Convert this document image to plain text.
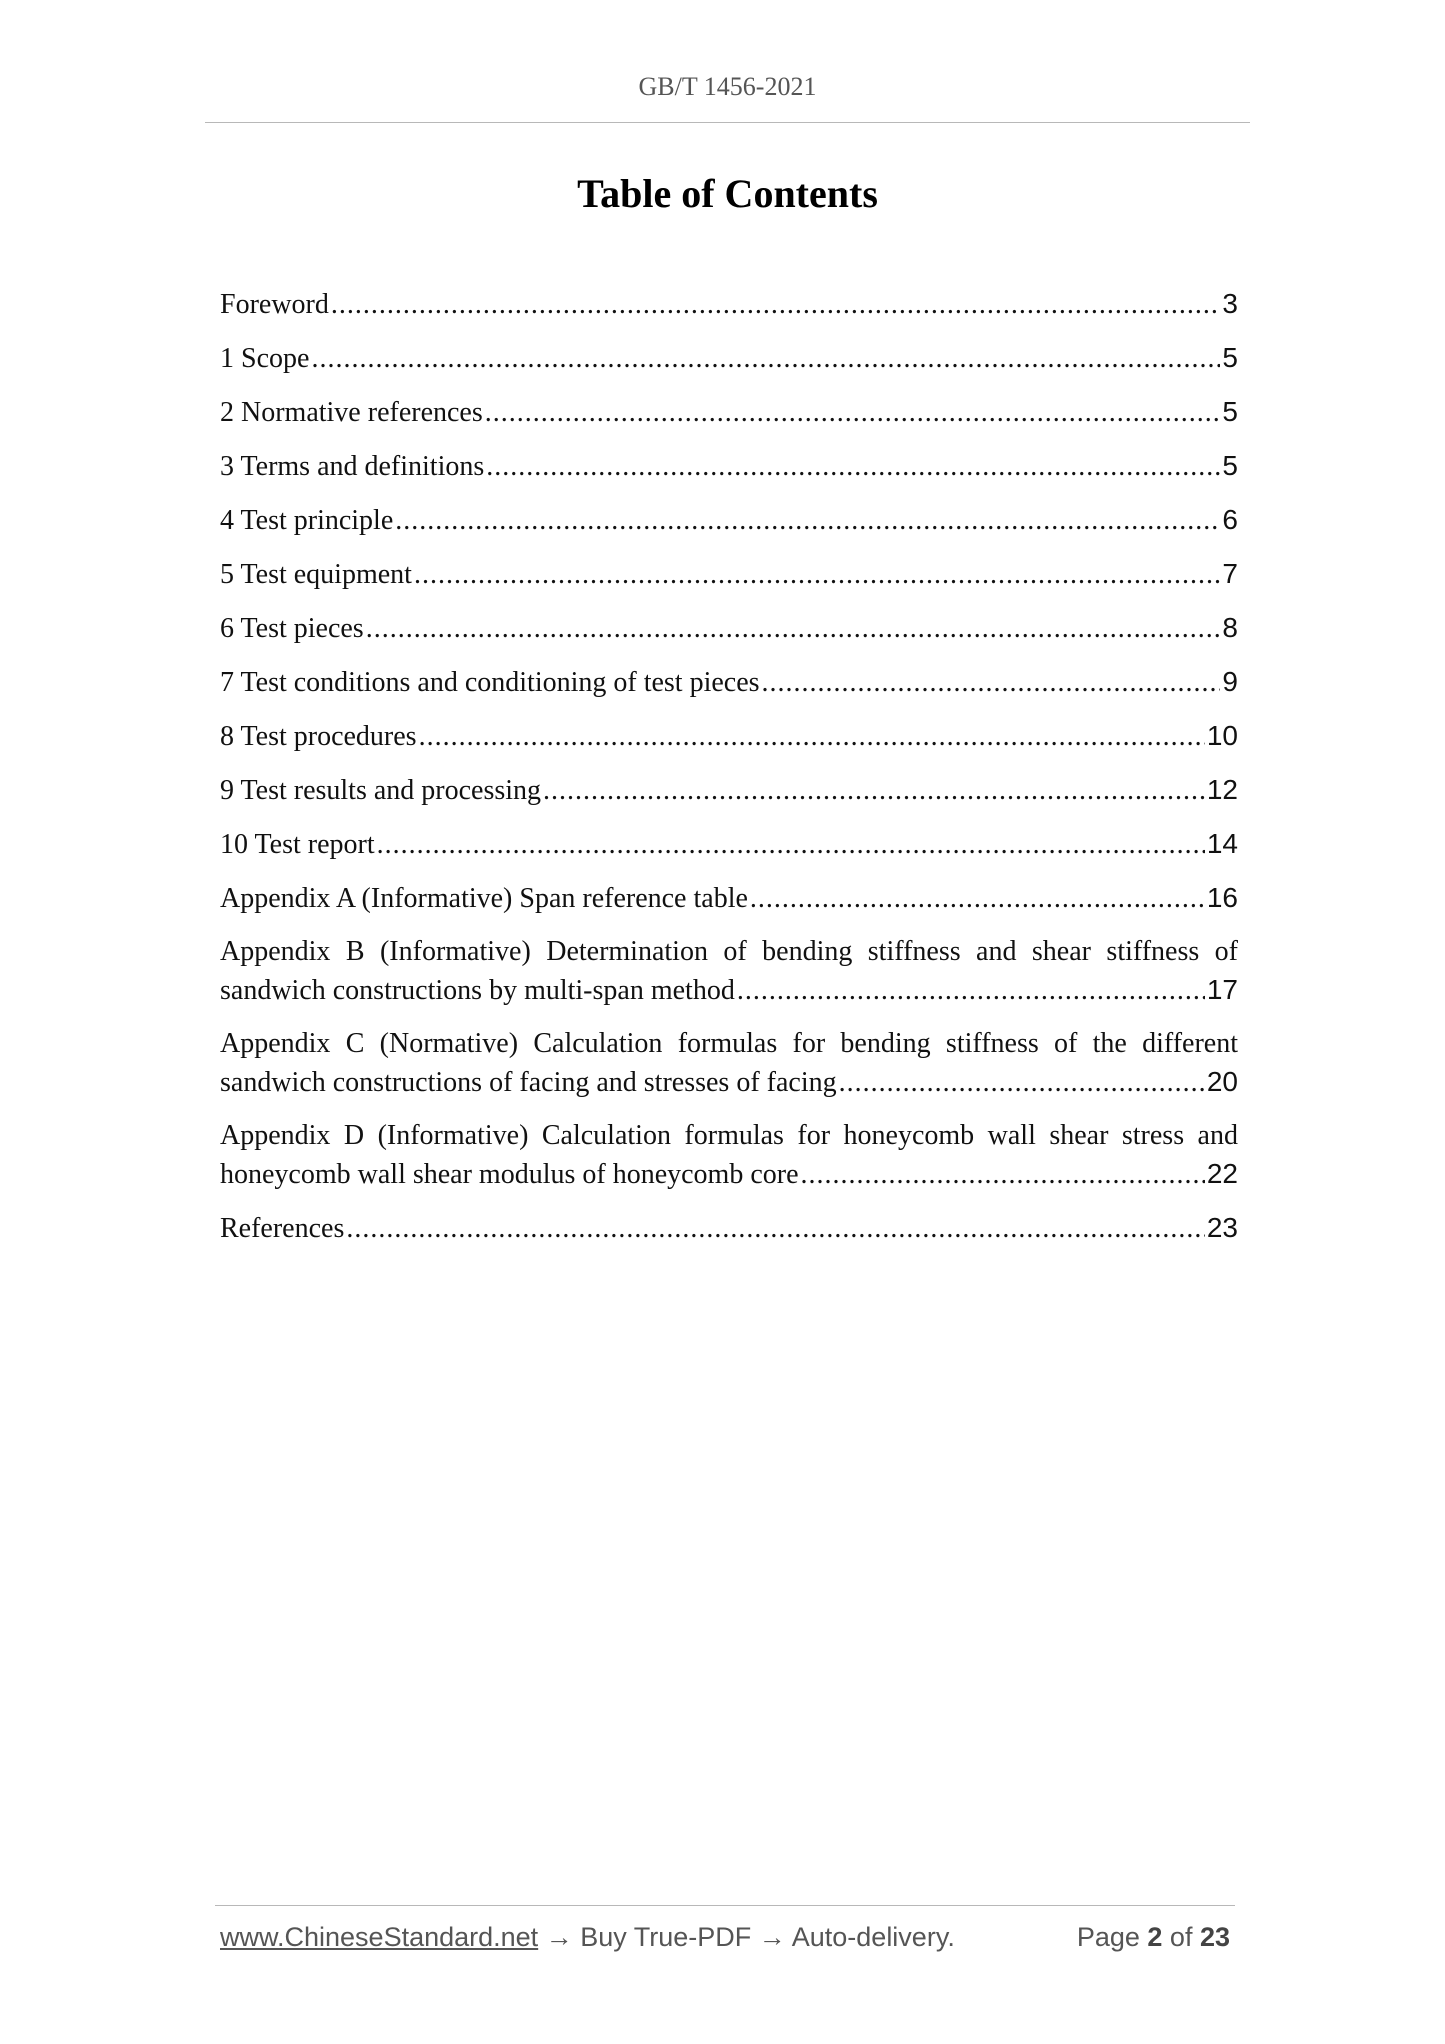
GB/T 1456-2021
Table of Contents
Foreword .....	3
1 Scope .....	5
2 Normative references .....	5
3 Terms and definitions .....	5
4 Test principle .....	6
5 Test equipment .....	7
6 Test pieces .....	8
7 Test conditions and conditioning of test pieces .....	9
8 Test procedures .....	10
9 Test results and processing .....	12
10 Test report .....	14
Appendix A (Informative) Span reference table .....	16
Appendix B (Informative) Determination of bending stiffness and shear stiffness of
sandwich constructions by multi-span method .....	17
Appendix C (Normative) Calculation formulas for bending stiffness of the different
sandwich constructions of facing and stresses of facing .....	20
Appendix D (Informative) Calculation formulas for honeycomb wall shear stress and
honeycomb wall shear modulus of honeycomb core .....	22
References .....	23
www.ChineseStandard.net → Buy True-PDF → Auto-delivery.	Page 2 of 23
